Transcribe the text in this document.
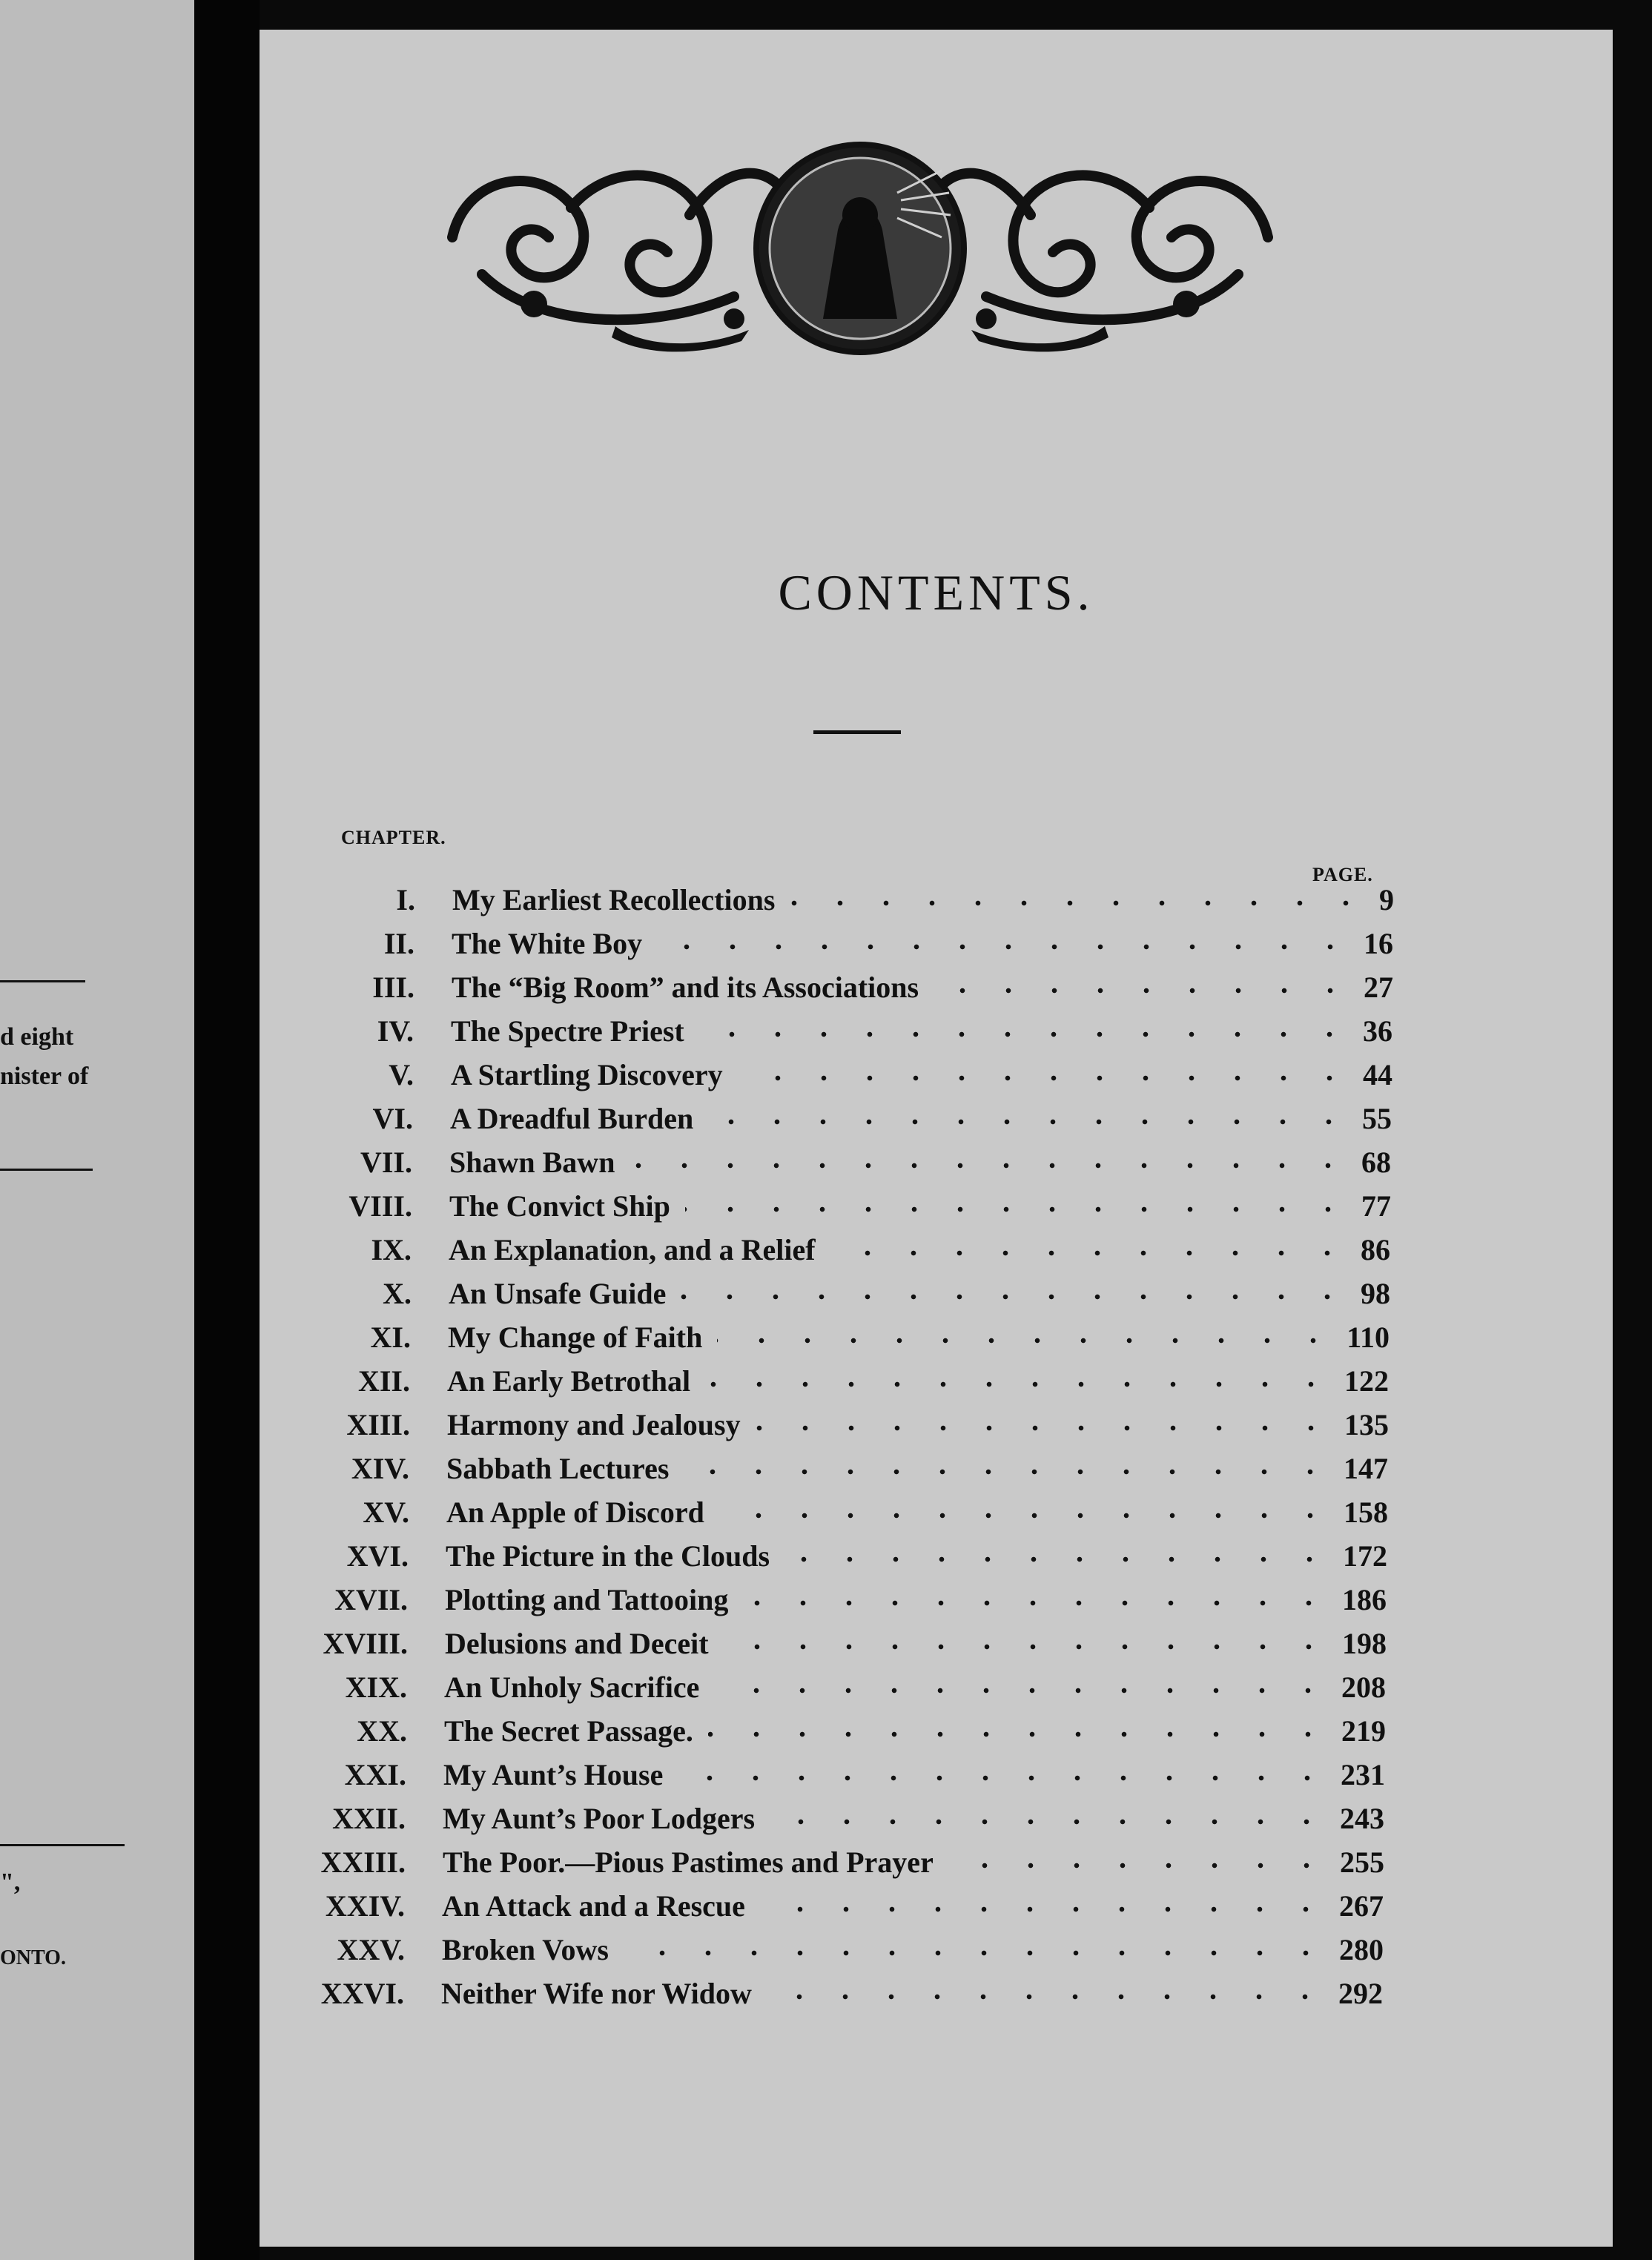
d eight
nister of
",
ONTO.
CONTENTS.
CHAPTER.
PAGE.
I. My Earliest Recollections	9
II. The White Boy	16
III. The “Big Room” and its Associations	27
IV. The Spectre Priest	36
V. A Startling Discovery	44
VI. A Dreadful Burden	55
VII. Shawn Bawn	68
VIII. The Convict Ship	77
IX. An Explanation, and a Relief	86
X. An Unsafe Guide	98
XI. My Change of Faith	110
XII. An Early Betrothal	122
XIII. Harmony and Jealousy	135
XIV. Sabbath Lectures	147
XV. An Apple of Discord	158
XVI. The Picture in the Clouds	172
XVII. Plotting and Tattooing	186
XVIII. Delusions and Deceit	198
XIX. An Unholy Sacrifice	208
XX. The Secret Passage.	219
XXI. My Aunt’s House	231
XXII. My Aunt’s Poor Lodgers	243
XXIII. The Poor.—Pious Pastimes and Prayer	255
XXIV. An Attack and a Rescue	267
XXV. Broken Vows	280
XXVI. Neither Wife nor Widow	292
